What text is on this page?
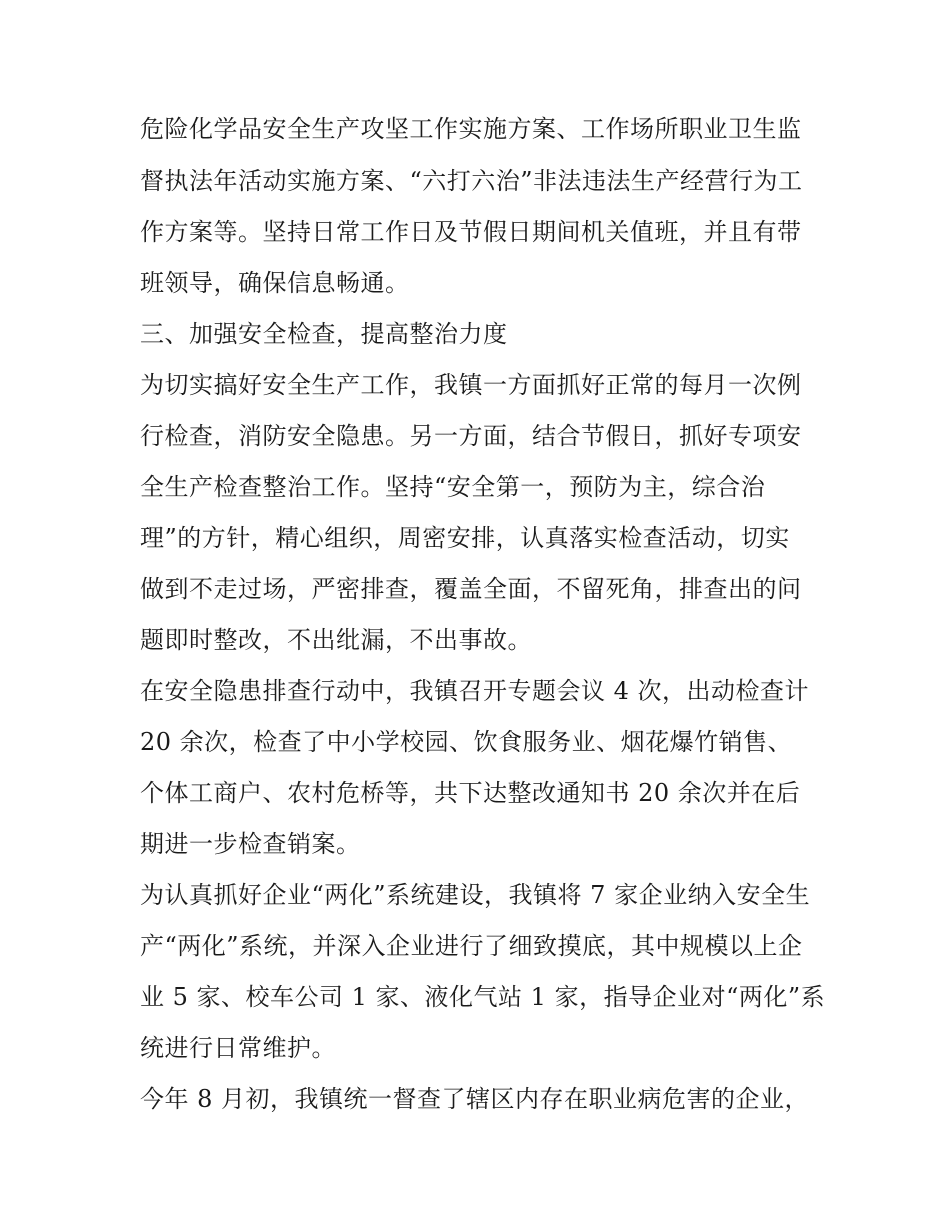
危险化学品安全生产攻坚工作实施方案、工作场所职业卫生监
督执法年活动实施方案、“六打六治”非法违法生产经营行为工
作方案等。坚持日常工作日及节假日期间机关值班，并且有带
班领导，确保信息畅通。
三、加强安全检查，提高整治力度
为切实搞好安全生产工作，我镇一方面抓好正常的每月一次例
行检查，消防安全隐患。另一方面，结合节假日，抓好专项安
全生产检查整治工作。坚持“安全第一，预防为主，综合治
理”的方针，精心组织，周密安排，认真落实检查活动，切实
做到不走过场，严密排查，覆盖全面，不留死角，排查出的问
题即时整改，不出纰漏，不出事故。
在安全隐患排查行动中，我镇召开专题会议 4 次，出动检查计
20 余次，检查了中小学校园、饮食服务业、烟花爆竹销售、
个体工商户、农村危桥等，共下达整改通知书 20 余次并在后
期进一步检查销案。
为认真抓好企业“两化”系统建设，我镇将 7 家企业纳入安全生
产“两化”系统，并深入企业进行了细致摸底，其中规模以上企
业 5 家、校车公司 1 家、液化气站 1 家，指导企业对“两化”系
统进行日常维护。
今年 8 月初，我镇统一督查了辖区内存在职业病危害的企业，
